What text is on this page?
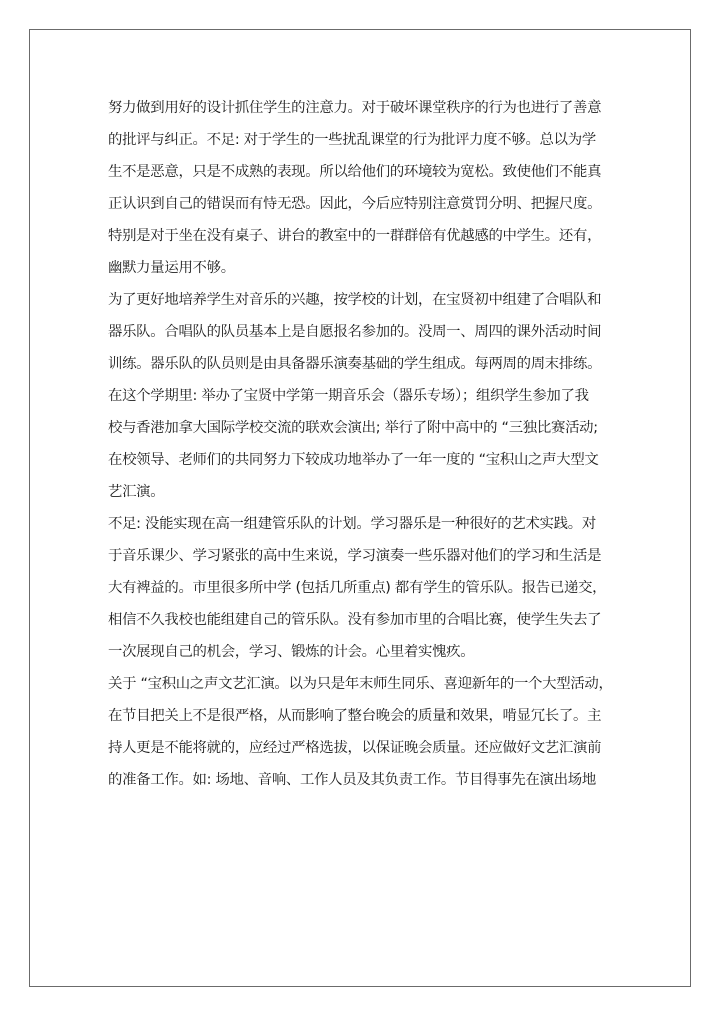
努力做到用好的设计抓住学生的注意力。对于破坏课堂秩序的行为也进行了善意
的批评与纠正。不足: 对于学生的一些扰乱课堂的行为批评力度不够。总以为学
生不是恶意，只是不成熟的表现。所以给他们的环境较为宽松。致使他们不能真
正认识到自己的错误而有恃无恐。因此，今后应特别注意赏罚分明、把握尺度。
特别是对于坐在没有桌子、讲台的教室中的一群群倍有优越感的中学生。还有，
幽默力量运用不够。
为了更好地培养学生对音乐的兴趣，按学校的计划，在宝贤初中组建了合唱队和
器乐队。合唱队的队员基本上是自愿报名参加的。没周一、周四的课外活动时间
训练。器乐队的队员则是由具备器乐演奏基础的学生组成。每两周的周末排练。
在这个学期里: 举办了宝贤中学第一期音乐会（器乐专场）；组织学生参加了我
校与香港加拿大国际学校交流的联欢会演出; 举行了附中高中的 “三独比赛活动;
在校领导、老师们的共同努力下较成功地举办了一年一度的 “宝积山之声大型文
艺汇演。
不足: 没能实现在高一组建管乐队的计划。学习器乐是一种很好的艺术实践。对
于音乐课少、学习紧张的高中生来说，学习演奏一些乐器对他们的学习和生活是
大有裨益的。市里很多所中学 (包括几所重点) 都有学生的管乐队。报告已递交，
相信不久我校也能组建自己的管乐队。没有参加市里的合唱比赛，使学生失去了
一次展现自己的机会，学习、锻炼的计会。心里着实愧疚。
关于 “宝积山之声文艺汇演。以为只是年末师生同乐、喜迎新年的一个大型活动，
在节目把关上不是很严格，从而影响了整台晚会的质量和效果，啃显冗长了。主
持人更是不能将就的，应经过严格选拔，以保证晚会质量。还应做好文艺汇演前
的准备工作。如: 场地、音响、工作人员及其负责工作。节目得事先在演出场地
